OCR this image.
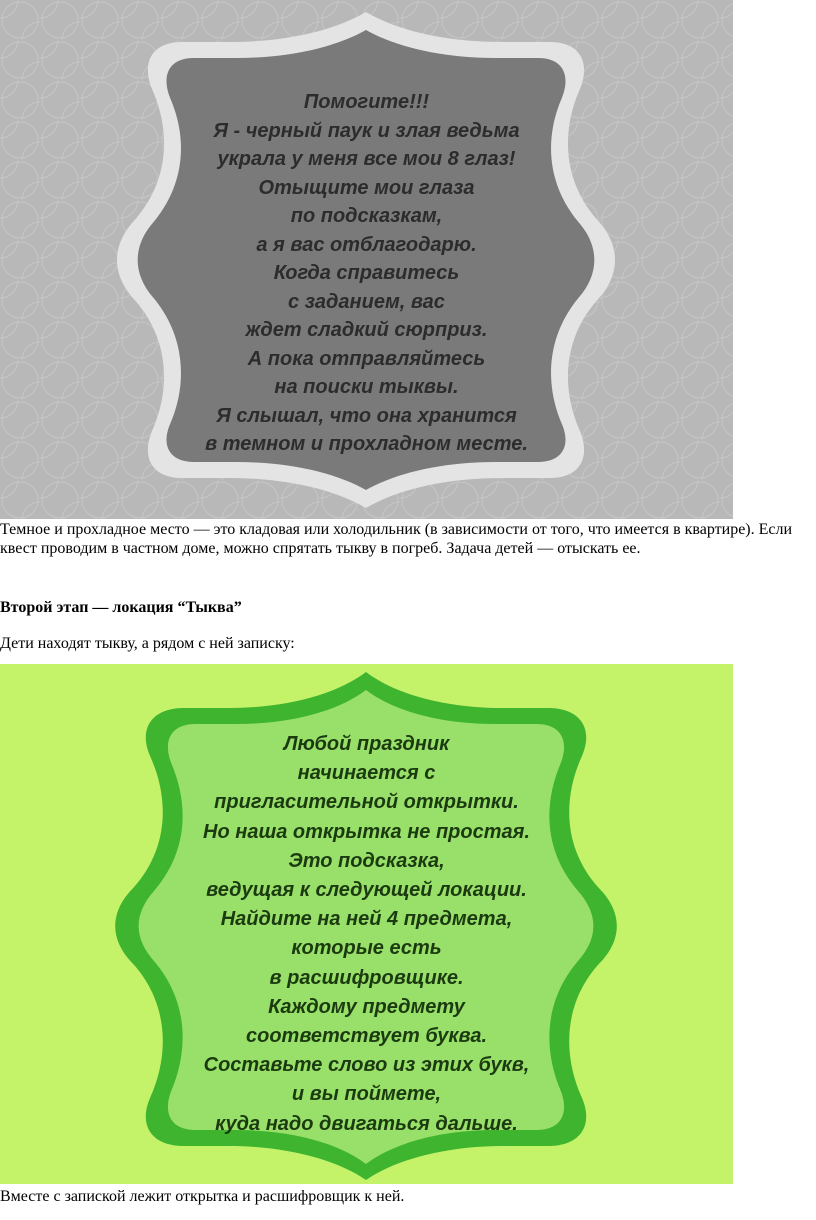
Помогите!!!
Я - черный паук и злая ведьма
украла у меня все мои 8 глаз!
Отыщите мои глаза
по подсказкам,
а я вас отблагодарю.
Когда справитесь
с заданием, вас
ждет сладкий сюрприз.
А пока отправляйтесь
на поиски тыквы.
Я слышал, что она хранится
в темном и прохладном месте.

Темное и прохладное место — это кладовая или холодильник (в зависимости от того, что имеется в квартире). Если квест проводим в частном доме, можно спрятать тыкву в погреб. Задача детей — отыскать ее.

Второй этап — локация “Тыква”

Дети находят тыкву, а рядом с ней записку:

Любой праздник
начинается с
пригласительной открытки.
Но наша открытка не простая.
Это подсказка,
ведущая к следующей локации.
Найдите на ней 4 предмета,
которые есть
в расшифровщике.
Каждому предмету
соответствует буква.
Составьте слово из этих букв,
и вы поймете,
куда надо двигаться дальше.

Вместе с запиской лежит открытка и расшифровщик к ней.
